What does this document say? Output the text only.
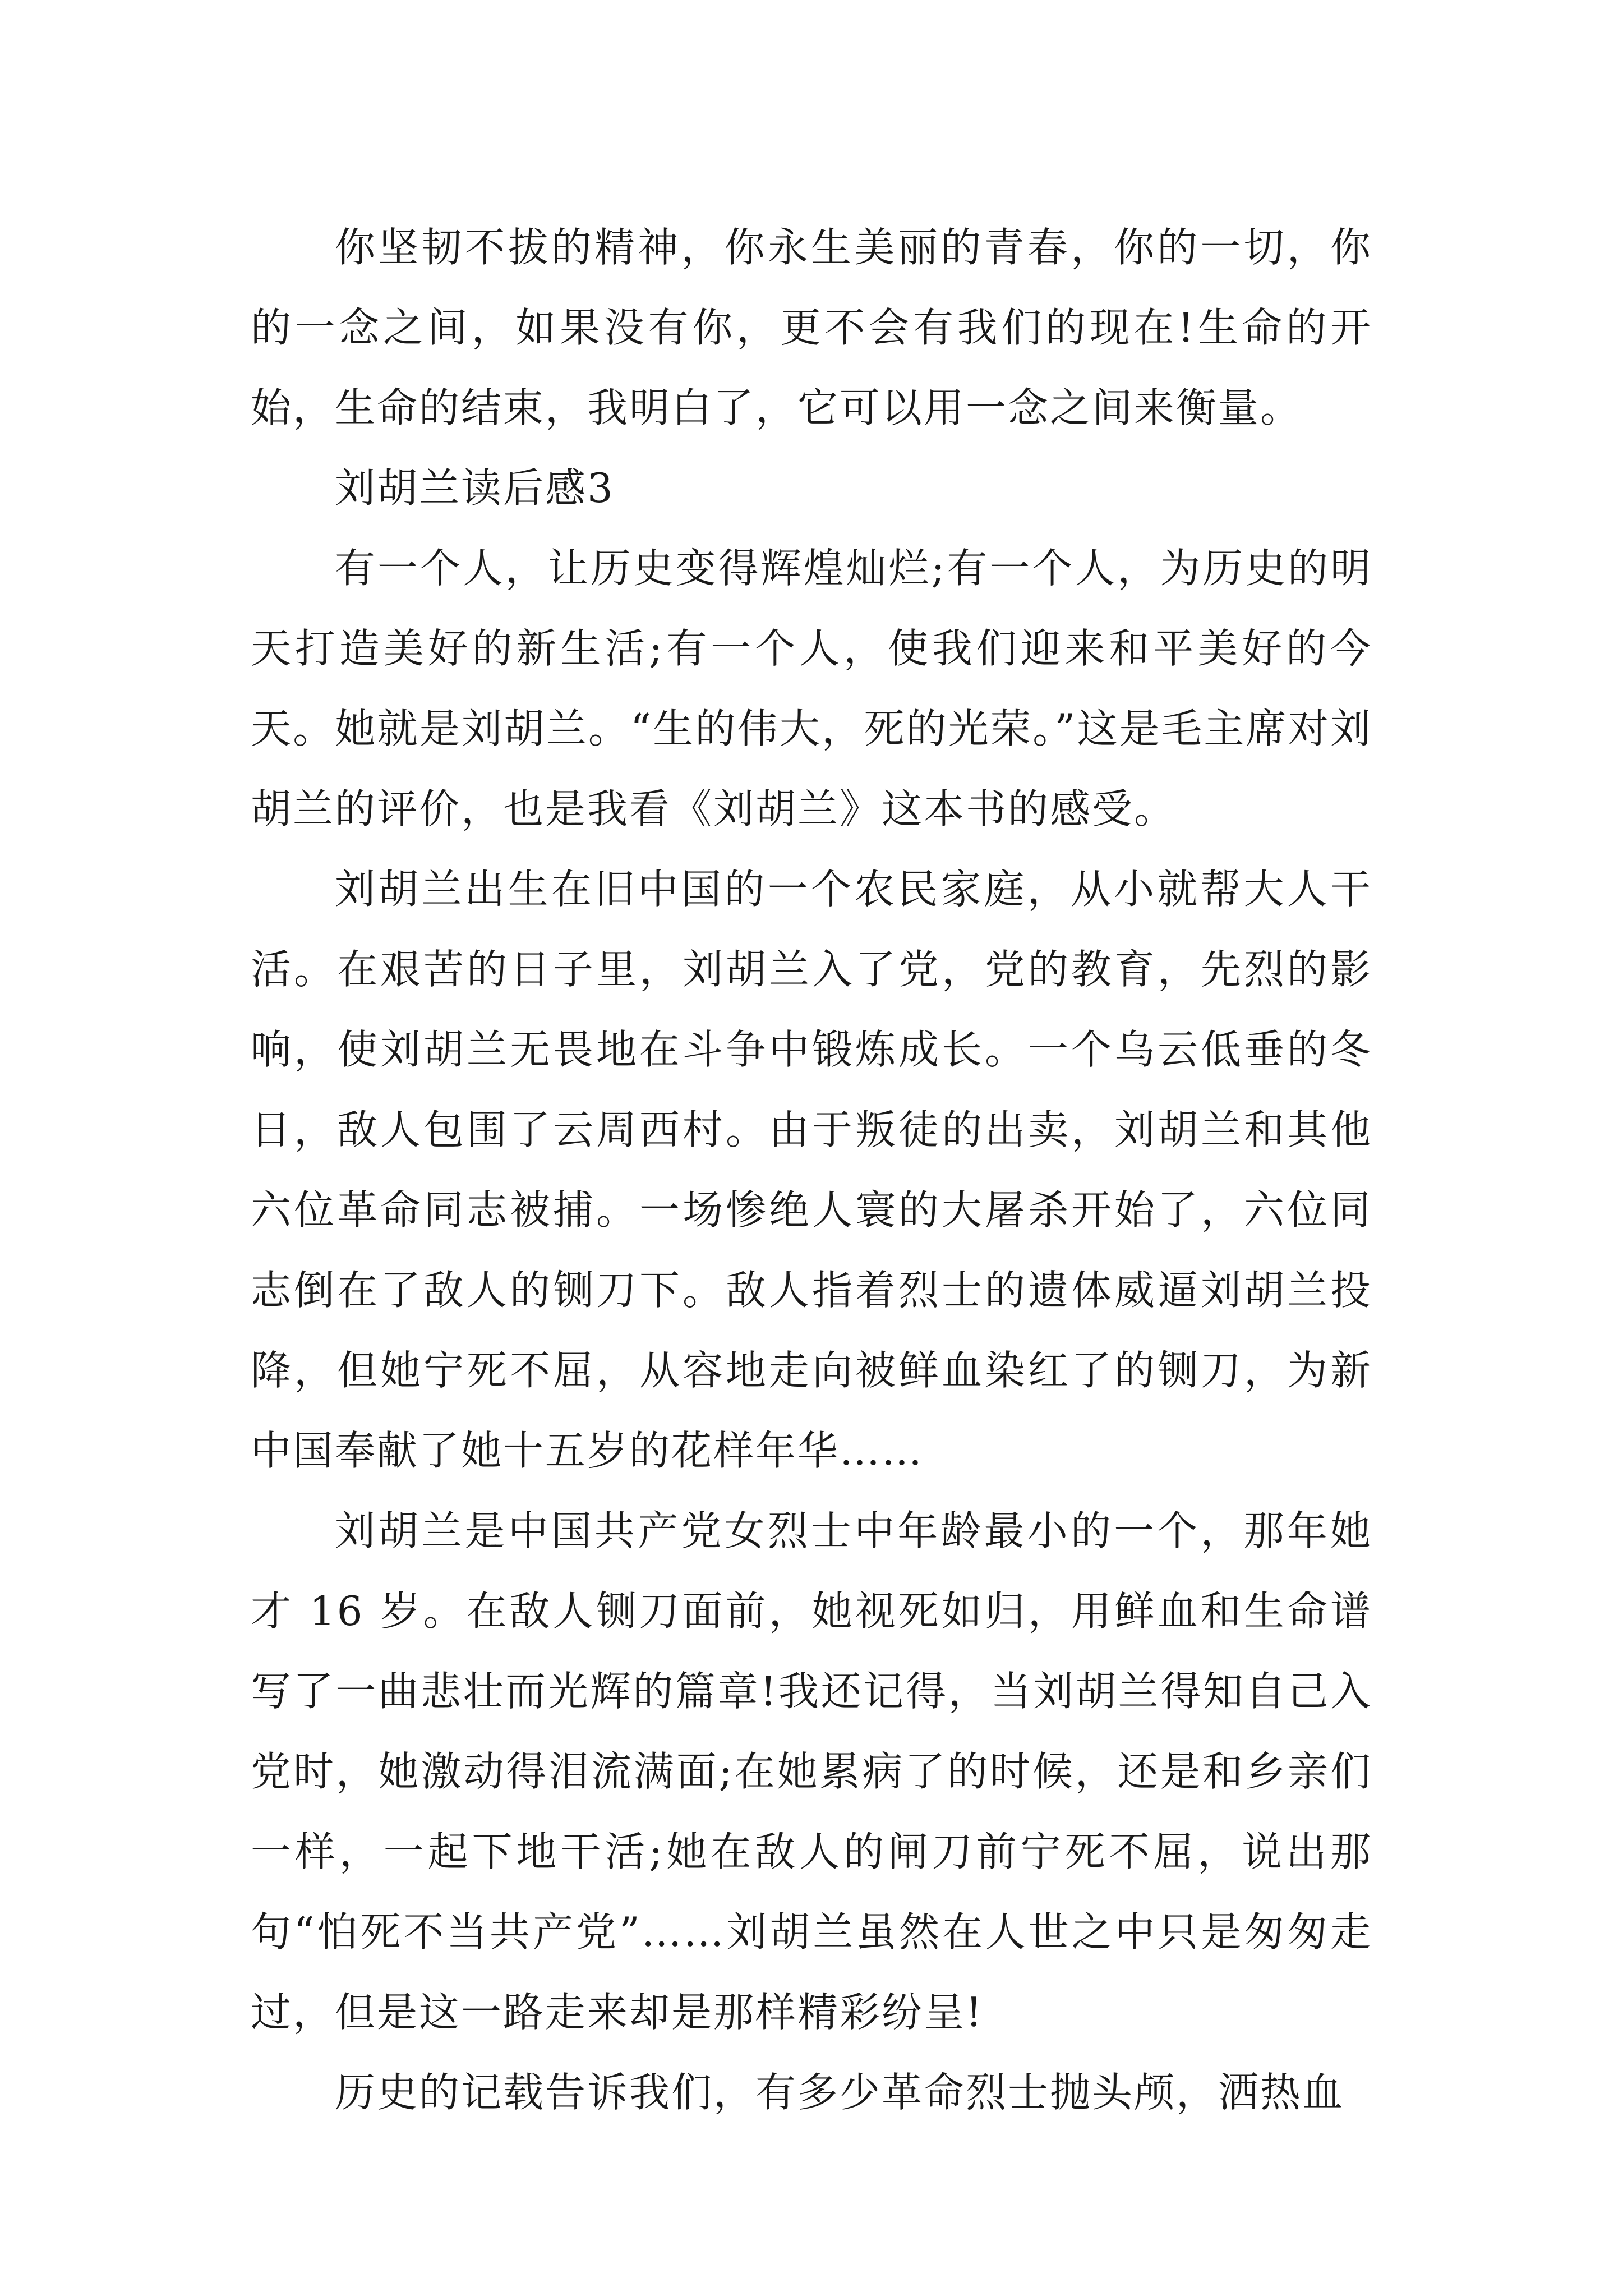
你坚韧不拔的精神，你永生美丽的青春，你的一切，你的一念之间，如果没有你，更不会有我们的现在!生命的开始，生命的结束，我明白了，它可以用一念之间来衡量。

刘胡兰读后感3

有一个人，让历史变得辉煌灿烂;有一个人，为历史的明天打造美好的新生活;有一个人，使我们迎来和平美好的今天。她就是刘胡兰。“生的伟大，死的光荣。”这是毛主席对刘胡兰的评价，也是我看《刘胡兰》这本书的感受。

刘胡兰出生在旧中国的一个农民家庭，从小就帮大人干活。在艰苦的日子里，刘胡兰入了党，党的教育，先烈的影响，使刘胡兰无畏地在斗争中锻炼成长。一个乌云低垂的冬日，敌人包围了云周西村。由于叛徒的出卖，刘胡兰和其他六位革命同志被捕。一场惨绝人寰的大屠杀开始了，六位同志倒在了敌人的铡刀下。敌人指着烈士的遗体威逼刘胡兰投降，但她宁死不屈，从容地走向被鲜血染红了的铡刀，为新中国奉献了她十五岁的花样年华……

刘胡兰是中国共产党女烈士中年龄最小的一个，那年她才 16 岁。在敌人铡刀面前，她视死如归，用鲜血和生命谱写了一曲悲壮而光辉的篇章!我还记得，当刘胡兰得知自己入党时，她激动得泪流满面;在她累病了的时候，还是和乡亲们一样，一起下地干活;她在敌人的闸刀前宁死不屈，说出那句“怕死不当共产党”……刘胡兰虽然在人世之中只是匆匆走过，但是这一路走来却是那样精彩纷呈!

历史的记载告诉我们，有多少革命烈士抛头颅，洒热血
